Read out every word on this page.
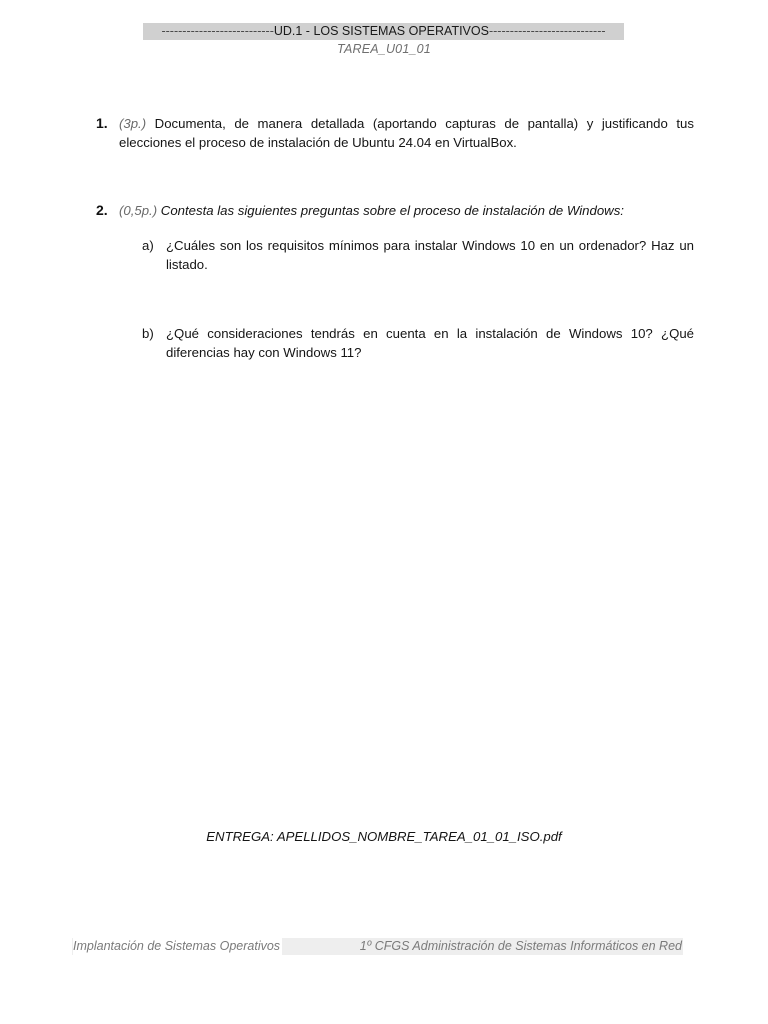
---------------------------UD.1 - LOS SISTEMAS OPERATIVOS----------------------------
TAREA_U01_01
1. (3p.) Documenta, de manera detallada (aportando capturas de pantalla) y justificando tus elecciones el proceso de instalación de Ubuntu 24.04 en VirtualBox.
2. (0,5p.) Contesta las siguientes preguntas sobre el proceso de instalación de Windows:
a) ¿Cuáles son los requisitos mínimos para instalar Windows 10 en un ordenador? Haz un listado.
b) ¿Qué consideraciones tendrás en cuenta en la instalación de Windows 10? ¿Qué diferencias hay con Windows 11?
ENTREGA: APELLIDOS_NOMBRE_TAREA_01_01_ISO.pdf
Implantación de Sistemas Operativos	1º CFGS Administración de Sistemas Informáticos en Red
